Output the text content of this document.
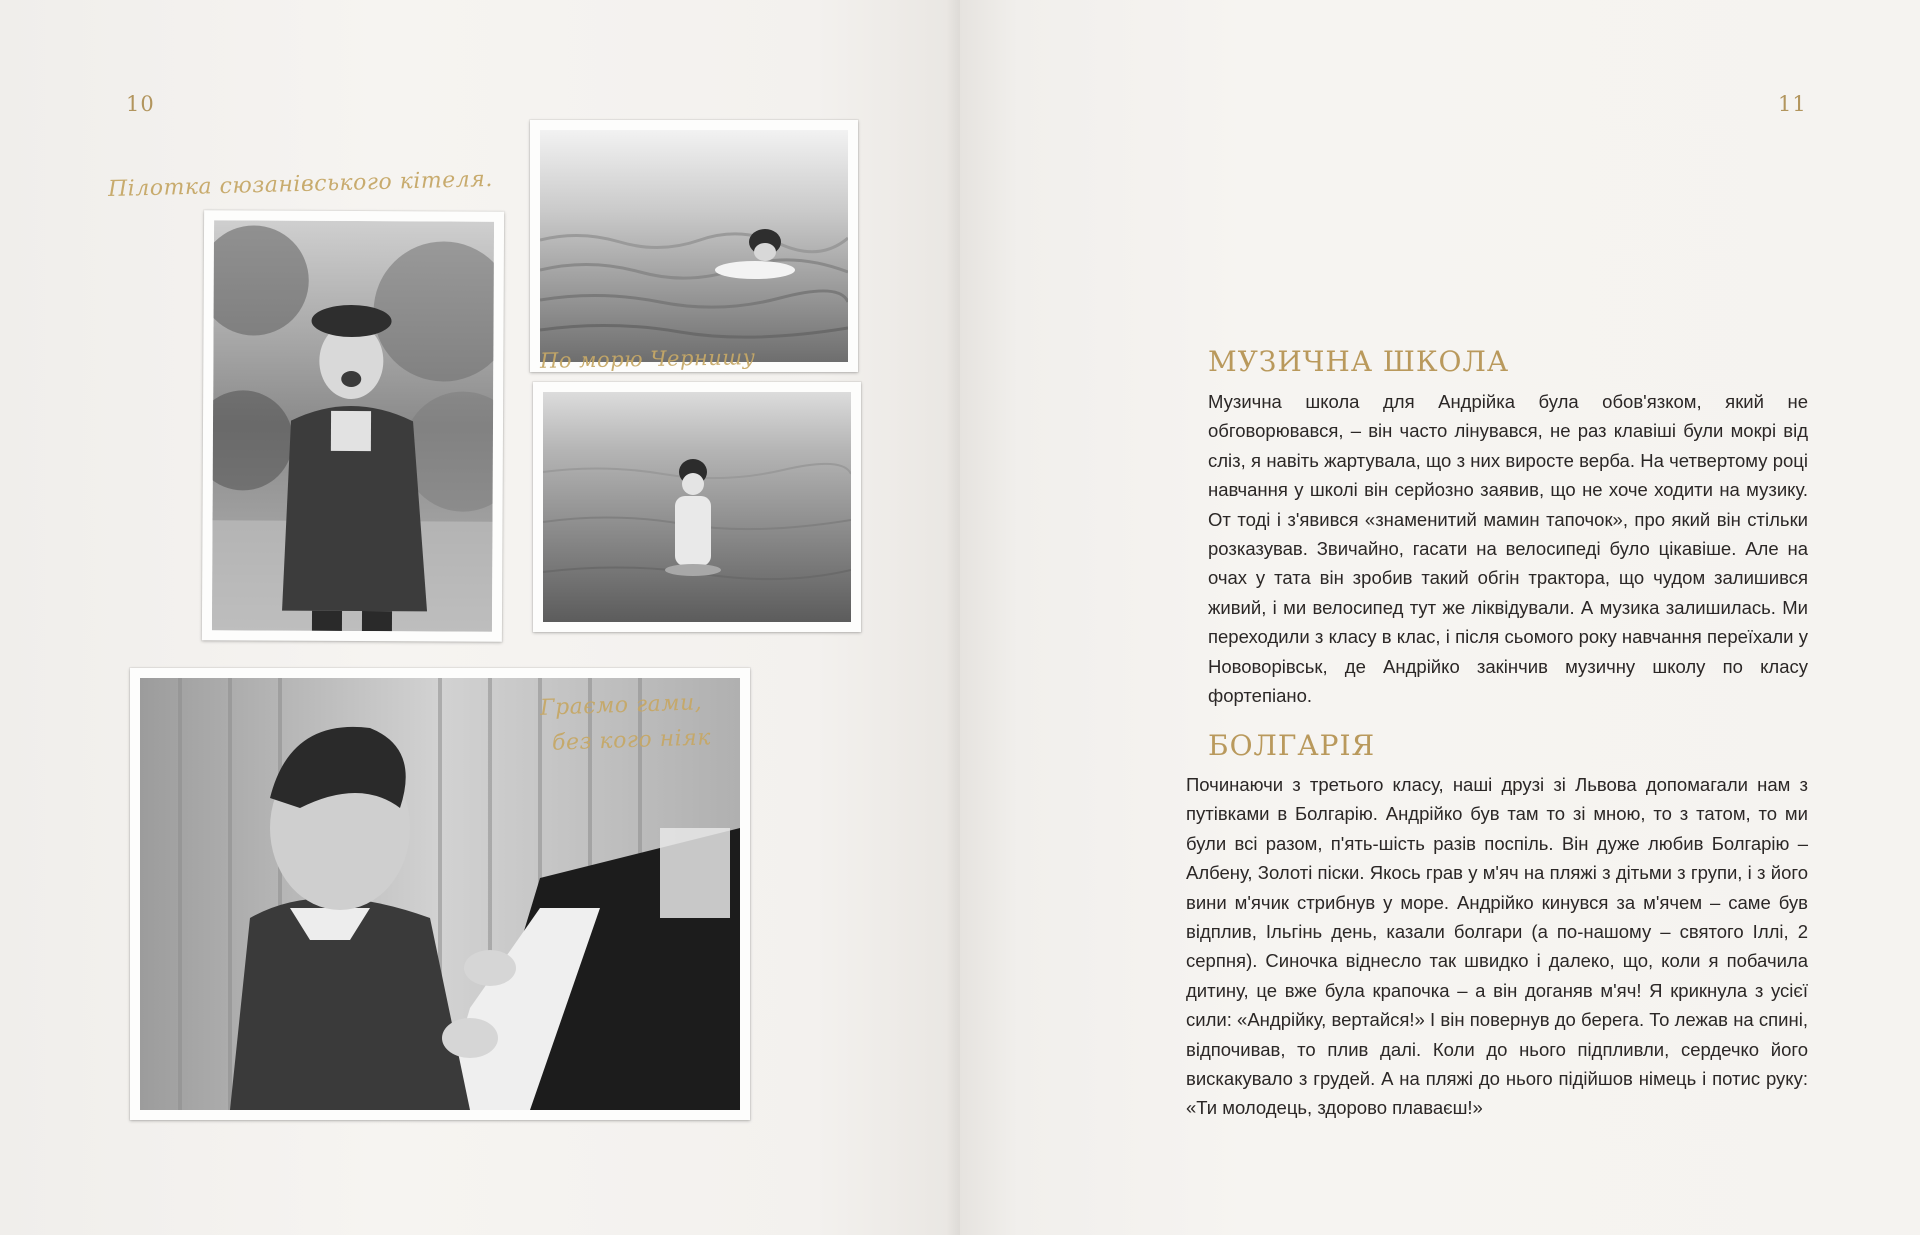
10
Пілотка сюзанівського кітеля.
По морю Чернишу
Граємо гами,
без кого ніяк
11
МУЗИЧНА ШКОЛА

Музична школа для Андрійка була обов'язком, який не обговорювався, – він часто лінувався, не раз клавіші були мокрі від сліз, я навіть жартувала, що з них виросте верба. На четвертому році навчання у школі він серйозно заявив, що не хоче ходити на музику. От тоді і з'явився «знаменитий мамин тапочок», про який він стільки розказував. Звичайно, гасати на велосипеді було цікавіше. Але на очах у тата він зробив такий обгін трактора, що чудом залишився живий, і ми велосипед тут же ліквідували. А музика залишилась. Ми переходили з класу в клас, і після сьомого року навчання переїхали у Нововорівськ, де Андрійко закінчив музичну школу по класу фортепіано.

БОЛГАРІЯ

Починаючи з третього класу, наші друзі зі Львова допомагали нам з путівками в Болгарію. Андрійко був там то зі мною, то з татом, то ми були всі разом, п'ять-шість разів поспіль. Він дуже любив Болгарію – Албену, Золоті піски. Якось грав у м'яч на пляжі з дітьми з групи, і з його вини м'ячик стрибнув у море. Андрійко кинувся за м'ячем – саме був відплив, Ільгінь день, казали болгари (а по-нашому – святого Іллі, 2 серпня). Синочка віднесло так швидко і далеко, що, коли я побачила дитину, це вже була крапочка – а він доганяв м'яч! Я крикнула з усієї сили: «Андрійку, вертайся!» І він повернув до берега. То лежав на спині, відпочивав, то плив далі. Коли до нього підпливли, сердечко його вискакувало з грудей. А на пляжі до нього підійшов німець і потис руку: «Ти молодець, здорово плаваєш!»
